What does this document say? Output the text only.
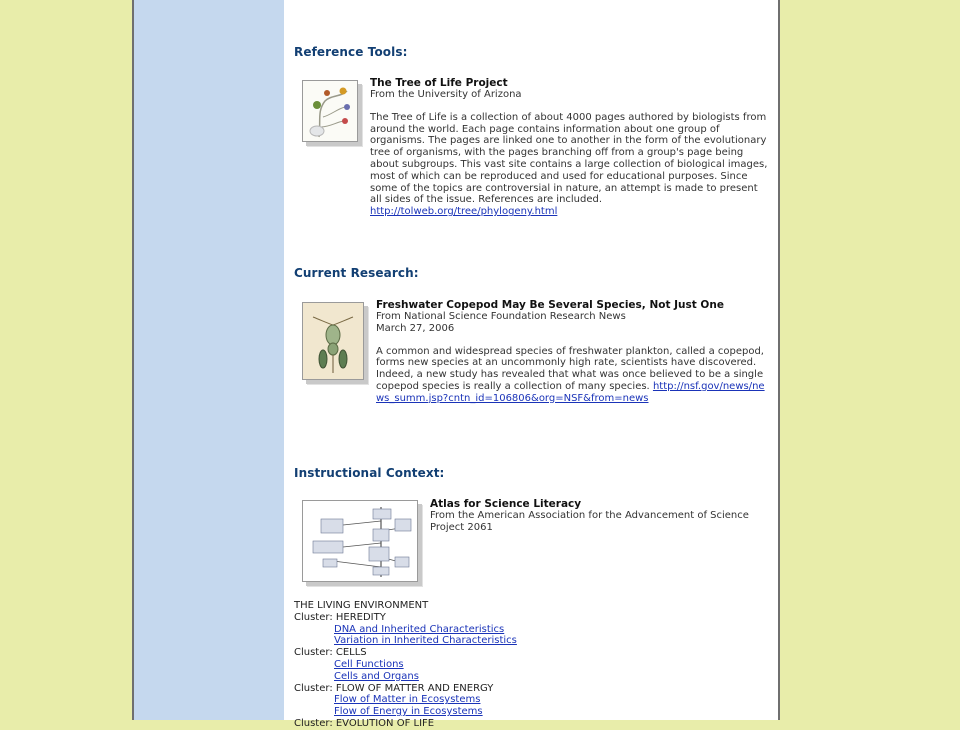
Reference Tools:
The Tree of Life Project
From the University of Arizona
The Tree of Life is a collection of about 4000 pages authored by biologists from around the world. Each page contains information about one group of organisms. The pages are linked one to another in the form of the evolutionary tree of organisms, with the pages branching off from a group's page being about subgroups. This vast site contains a large collection of biological images, most of which can be reproduced and used for educational purposes. Since some of the topics are controversial in nature, an attempt is made to present all sides of the issue. References are included. http://tolweb.org/tree/phylogeny.html
Current Research:
Freshwater Copepod May Be Several Species, Not Just One
From National Science Foundation Research News
March 27, 2006
A common and widespread species of freshwater plankton, called a copepod, forms new species at an uncommonly high rate, scientists have discovered. Indeed, a new study has revealed that what was once believed to be a single copepod species is really a collection of many species. http://nsf.gov/news/news_summ.jsp?cntn_id=106806&org=NSF&from=news
Instructional Context:
Atlas for Science Literacy
From the American Association for the Advancement of Science Project 2061
THE LIVING ENVIRONMENT
Cluster: HEREDITY
DNA and Inherited Characteristics
Variation in Inherited Characteristics
Cluster: CELLS
Cell Functions
Cells and Organs
Cluster: FLOW OF MATTER AND ENERGY
Flow of Matter in Ecosystems
Flow of Energy in Ecosystems
Cluster: EVOLUTION OF LIFE
